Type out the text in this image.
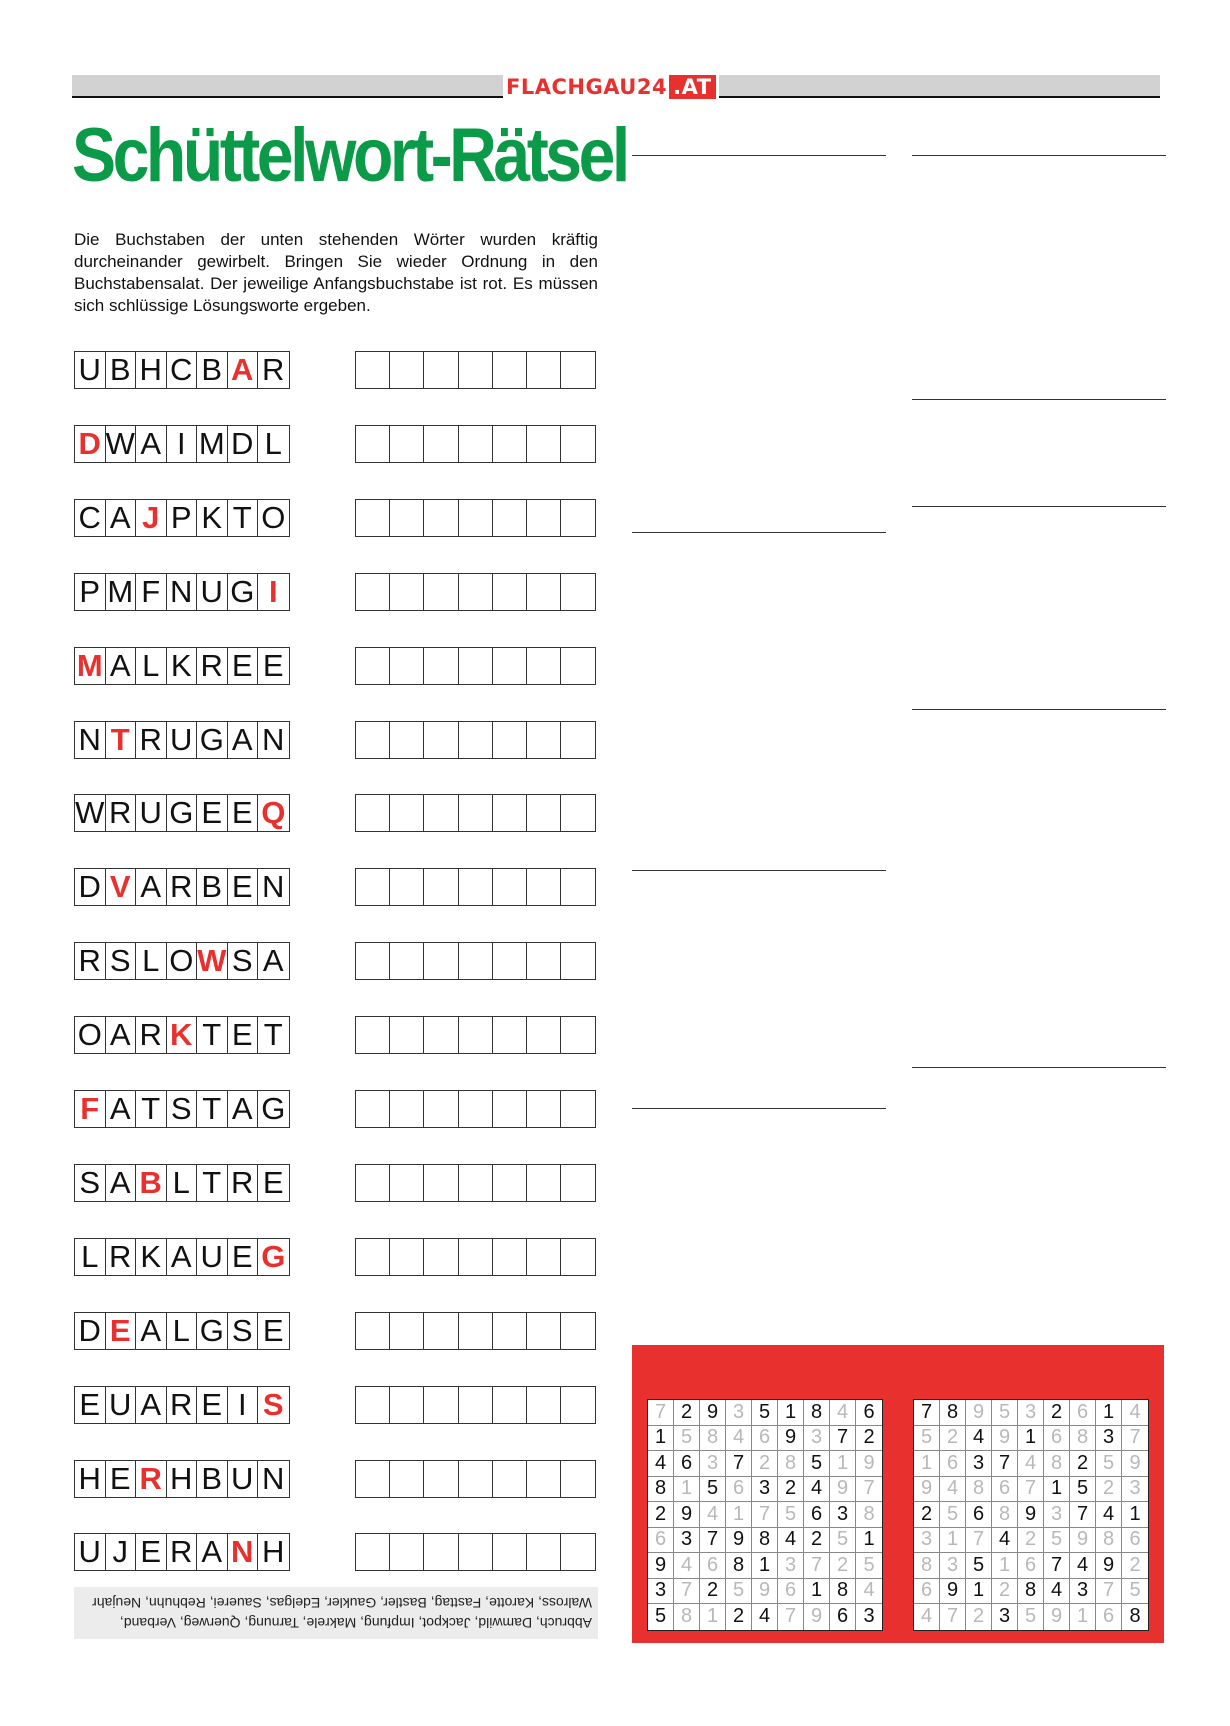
FLACHGAU24 .AT
Schüttelwort-Rätsel

Die Buchstaben der unten stehenden Wörter wurden kräftig durcheinander gewirbelt. Bringen Sie wieder Ordnung in den Buchstabensalat. Der jeweilige Anfangsbuchstabe ist rot. Es müssen sich schlüssige Lösungsworte ergeben.

U B H C B A R
D W A I M D L
C A J P K T O
P M F N U G I
M A L K R E E
N T R U G A N
W R U G E E Q
D V A R B E N
R S L O W S A
O A R K T E T
F A T S T A G
S A B L T R E
L R K A U E G
D E A L G S E
E U A R E I S
H E R H B U N
U J E R A N H
Abbruch, Damwild, Jackpot, Impfung, Makrele, Tarnung, Querweg, Verband, Walross, Karotte, Fasttag, Bastler, Gaukler, Edelgas, Sauerei, Rebhuhn, Neujahr
7 2 9 3 5 1 8 4 6
1 5 8 4 6 9 3 7 2
4 6 3 7 2 8 5 1 9
8 1 5 6 3 2 4 9 7
2 9 4 1 7 5 6 3 8
6 3 7 9 8 4 2 5 1
9 4 6 8 1 3 7 2 5
3 7 2 5 9 6 1 8 4
5 8 1 2 4 7 9 6 3
7 8 9 5 3 2 6 1 4
5 2 4 9 1 6 8 3 7
1 6 3 7 4 8 2 5 9
9 4 8 6 7 1 5 2 3
2 5 6 8 9 3 7 4 1
3 1 7 4 2 5 9 8 6
8 3 5 1 6 7 4 9 2
6 9 1 2 8 4 3 7 5
4 7 2 3 5 9 1 6 8
